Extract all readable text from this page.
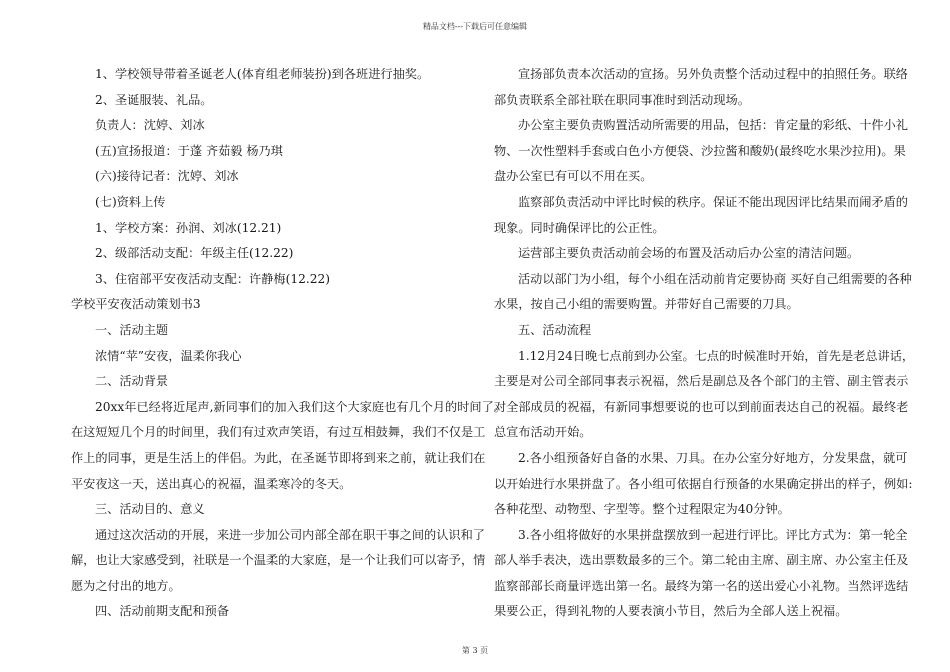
精品文档---下载后可任意编辑

1、学校领导带着圣诞老人(体育组老师装扮)到各班进行抽奖。

2、圣诞服装、礼品。

负责人：沈婷、刘冰

(五)宣扬报道：于蓬 齐茹毅 杨乃琪

(六)接待记者：沈婷、刘冰

(七)资料上传

1、学校方案：孙润、刘冰(12.21)

2、级部活动支配：年级主任(12.22)

3、住宿部平安夜活动支配：许静梅(12.22)

学校平安夜活动策划书3

一、活动主题

浓情“苹”安夜，温柔你我心

二、活动背景

20xx年已经将近尾声,新同事们的加入我们这个大家庭也有几个月的时间了。

在这短短几个月的时间里，我们有过欢声笑语，有过互相鼓舞，我们不仅是工

作上的同事，更是生活上的伴侣。为此，在圣诞节即将到来之前，就让我们在

平安夜这一天，送出真心的祝福，温柔寒冷的冬天。

三、活动目的、意义

通过这次活动的开展，来进一步加公司内部全部在职干事之间的认识和了

解，也让大家感受到，社联是一个温柔的大家庭，是一个让我们可以寄予，情

愿为之付出的地方。

四、活动前期支配和预备

宣扬部负责本次活动的宣扬。另外负责整个活动过程中的拍照任务。联络

部负责联系全部社联在职同事准时到活动现场。

办公室主要负责购置活动所需要的用品，包括：肯定量的彩纸、十件小礼

物、一次性塑料手套或白色小方便袋、沙拉酱和酸奶(最终吃水果沙拉用)。果

盘办公室已有可以不用在买。

监察部负责活动中评比时候的秩序。保证不能出现因评比结果而闹矛盾的

现象。同时确保评比的公正性。

运营部主要负责活动前会场的布置及活动后办公室的清洁问题。

活动以部门为小组，每个小组在活动前肯定要协商 买好自己组需要的各种

水果，按自己小组的需要购置。并带好自己需要的刀具。

五、活动流程

1.12月24日晚七点前到办公室。七点的时候准时开始，首先是老总讲话，

主要是对公司全部同事表示祝福，然后是副总及各个部门的主管、副主管表示

对全部成员的祝福，有新同事想要说的也可以到前面表达自己的祝福。最终老

总宣布活动开始。

2.各小组预备好自备的水果、刀具。在办公室分好地方，分发果盘，就可

以开始进行水果拼盘了。各小组可依据自行预备的水果确定拼出的样子，例如:

各种花型、动物型、字型等。整个过程限定为40分钟。

3.各小组将做好的水果拼盘摆放到一起进行评比。评比方式为：第一轮全

部人举手表决，选出票数最多的三个。第二轮由主席、副主席、办公室主任及

监察部部长商量评选出第一名。最终为第一名的送出爱心小礼物。当然评选结

果要公正，得到礼物的人要表演小节目，然后为全部人送上祝福。

第 3 页
